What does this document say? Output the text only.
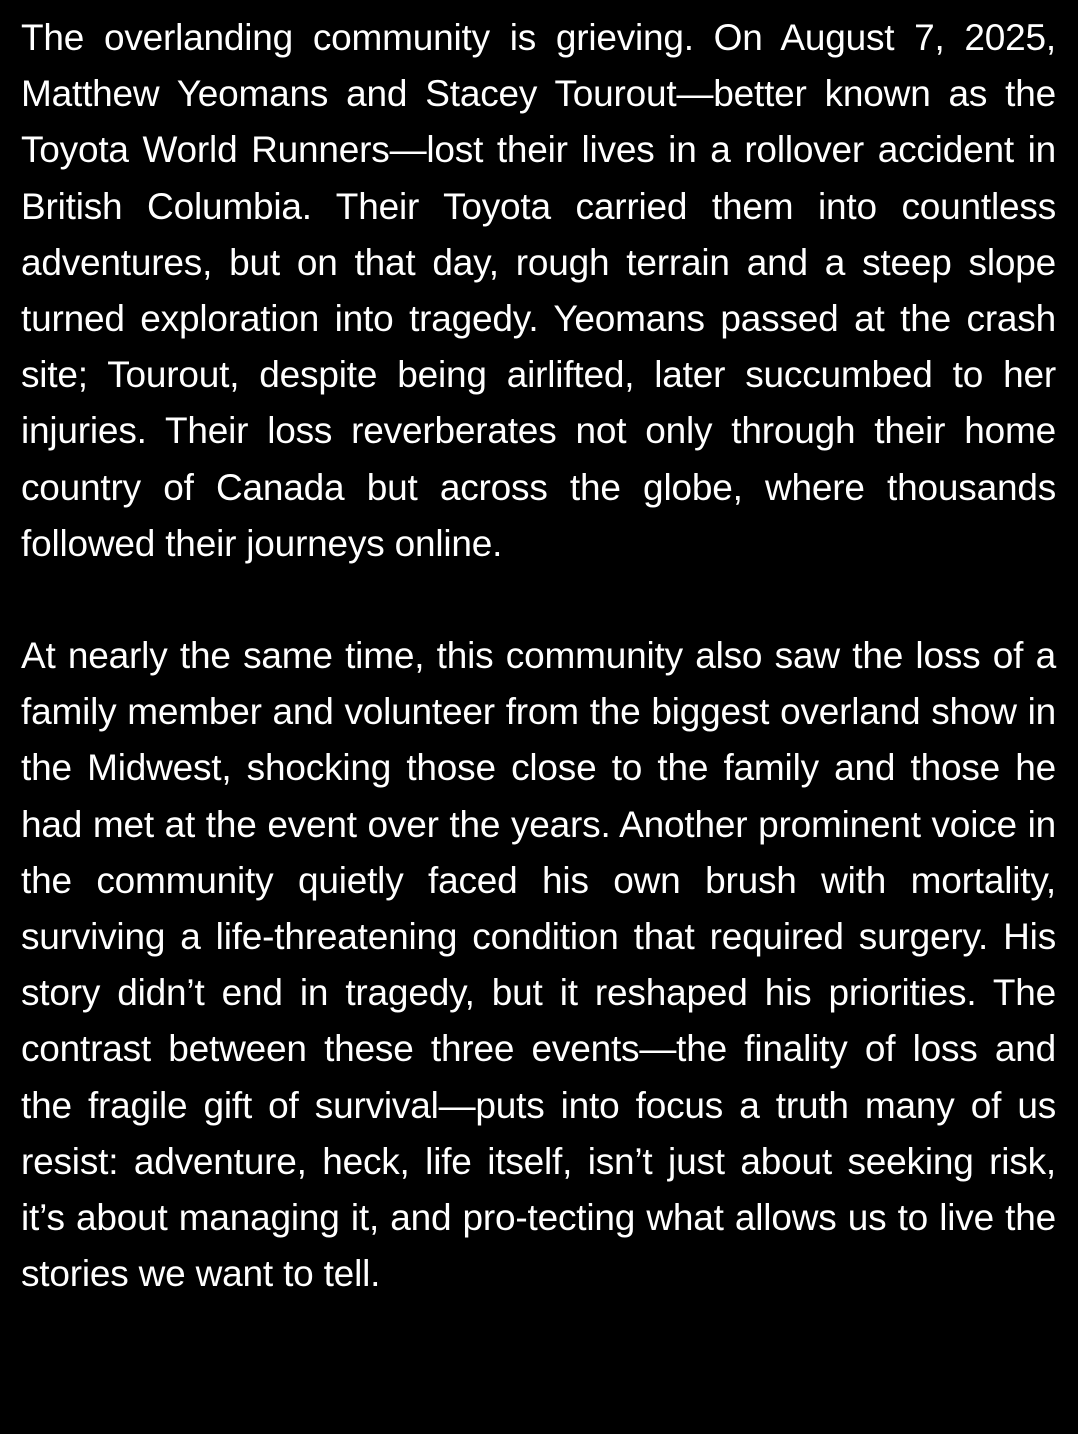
The overlanding community is grieving. On August 7, 2025, Matthew Yeomans and Stacey Tourout—better known as the Toyota World Runners—lost their lives in a rollover accident in British Columbia. Their Toyota carried them into countless adventures, but on that day, rough terrain and a steep slope turned exploration into tragedy. Yeomans passed at the crash site; Tourout, despite being airlifted, later succumbed to her injuries. Their loss reverberates not only through their home country of Canada but across the globe, where thousands followed their journeys online.

At nearly the same time, this community also saw the loss of a family member and volunteer from the biggest overland show in the Midwest, shocking those close to the family and those he had met at the event over the years. Another prominent voice in the community quietly faced his own brush with mortality, surviving a life-threatening condition that required surgery. His story didn’t end in tragedy, but it reshaped his priorities. The contrast between these three events—the finality of loss and the fragile gift of survival—puts into focus a truth many of us resist: adventure, heck, life itself, isn’t just about seeking risk, it’s about managing it, and pro-tecting what allows us to live the stories we want to tell.
